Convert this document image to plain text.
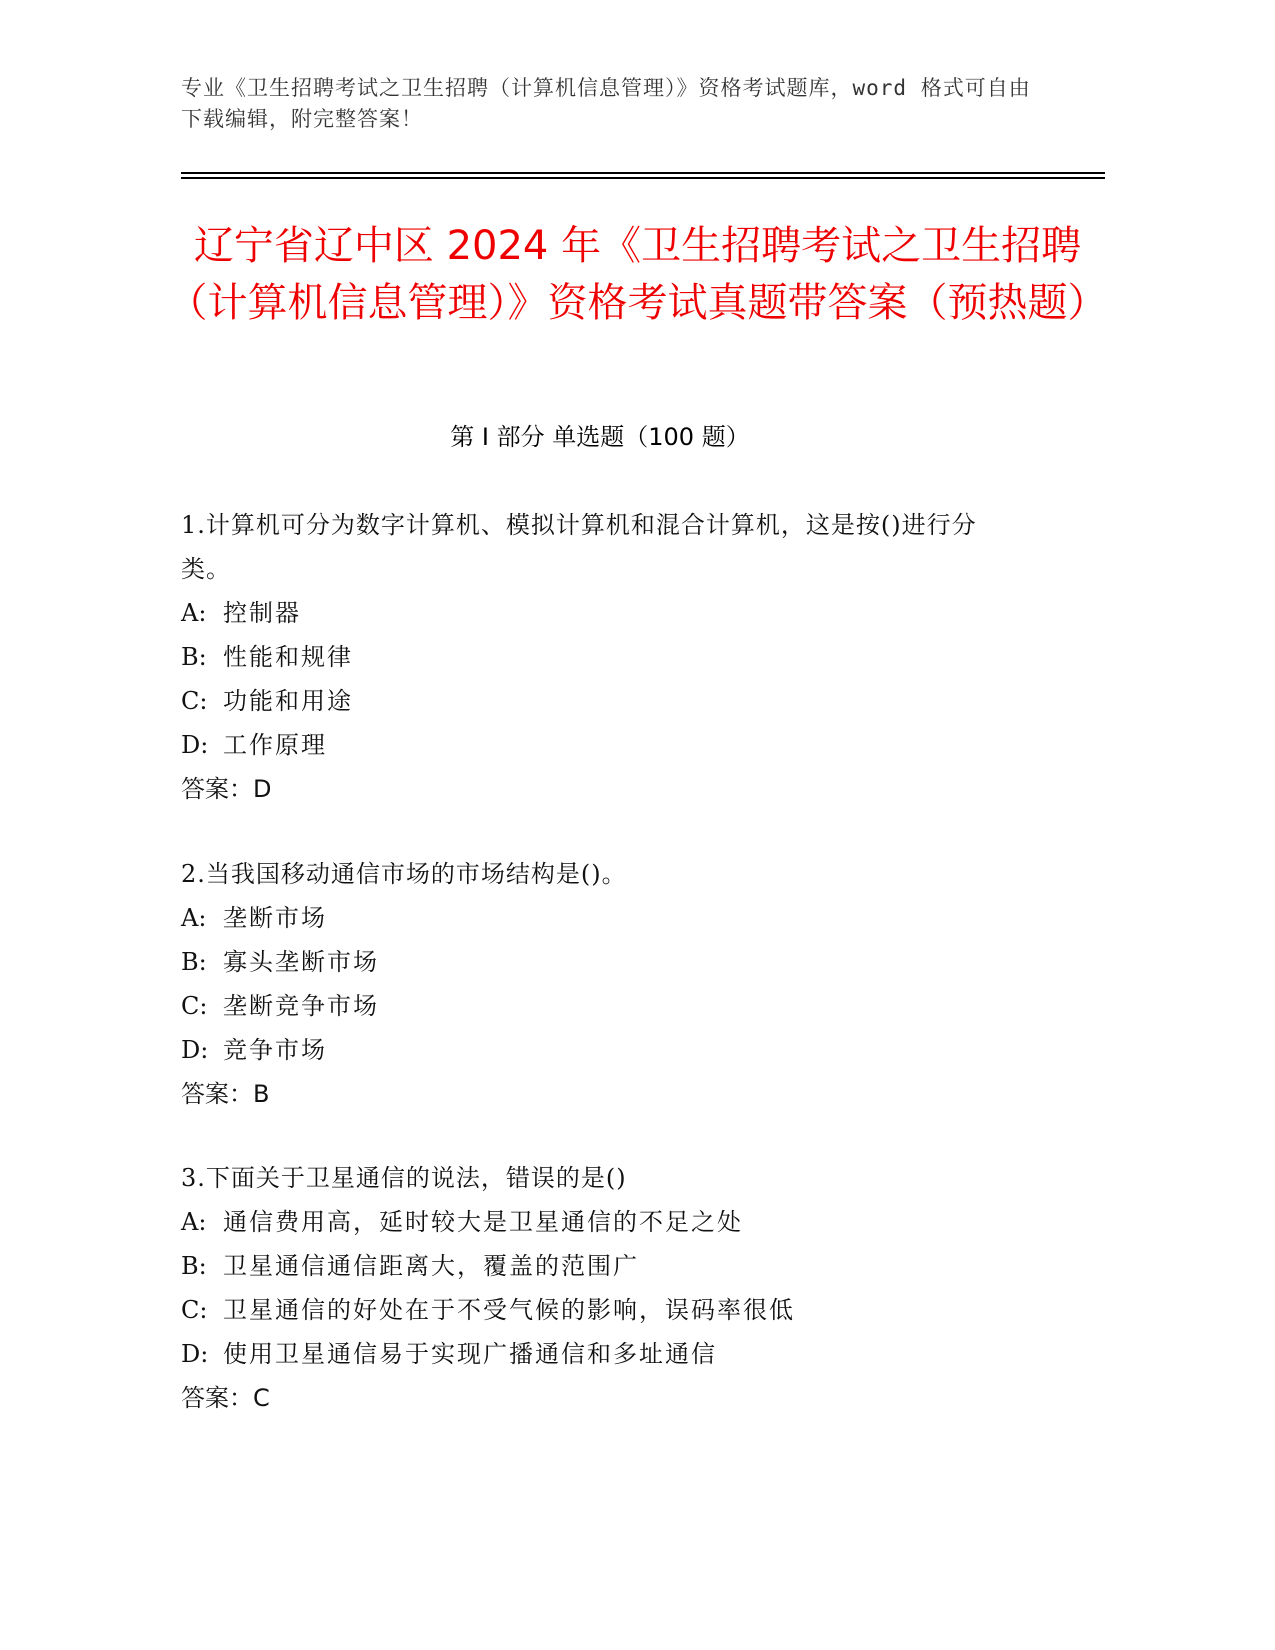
专业《卫生招聘考试之卫生招聘（计算机信息管理）》资格考试题库，word 格式可自由下载编辑，附完整答案！
辽宁省辽中区 2024 年《卫生招聘考试之卫生招聘（计算机信息管理）》资格考试真题带答案（预热题）
第 I 部分 单选题（100 题）
1.计算机可分为数字计算机、模拟计算机和混合计算机，这是按()进行分类。
A: 控制器
B: 性能和规律
C: 功能和用途
D: 工作原理
答案：D
2.当我国移动通信市场的市场结构是()。
A: 垄断市场
B: 寡头垄断市场
C: 垄断竞争市场
D: 竞争市场
答案：B
3.下面关于卫星通信的说法，错误的是()
A: 通信费用高，延时较大是卫星通信的不足之处
B: 卫星通信通信距离大，覆盖的范围广
C: 卫星通信的好处在于不受气候的影响，误码率很低
D: 使用卫星通信易于实现广播通信和多址通信
答案：C
